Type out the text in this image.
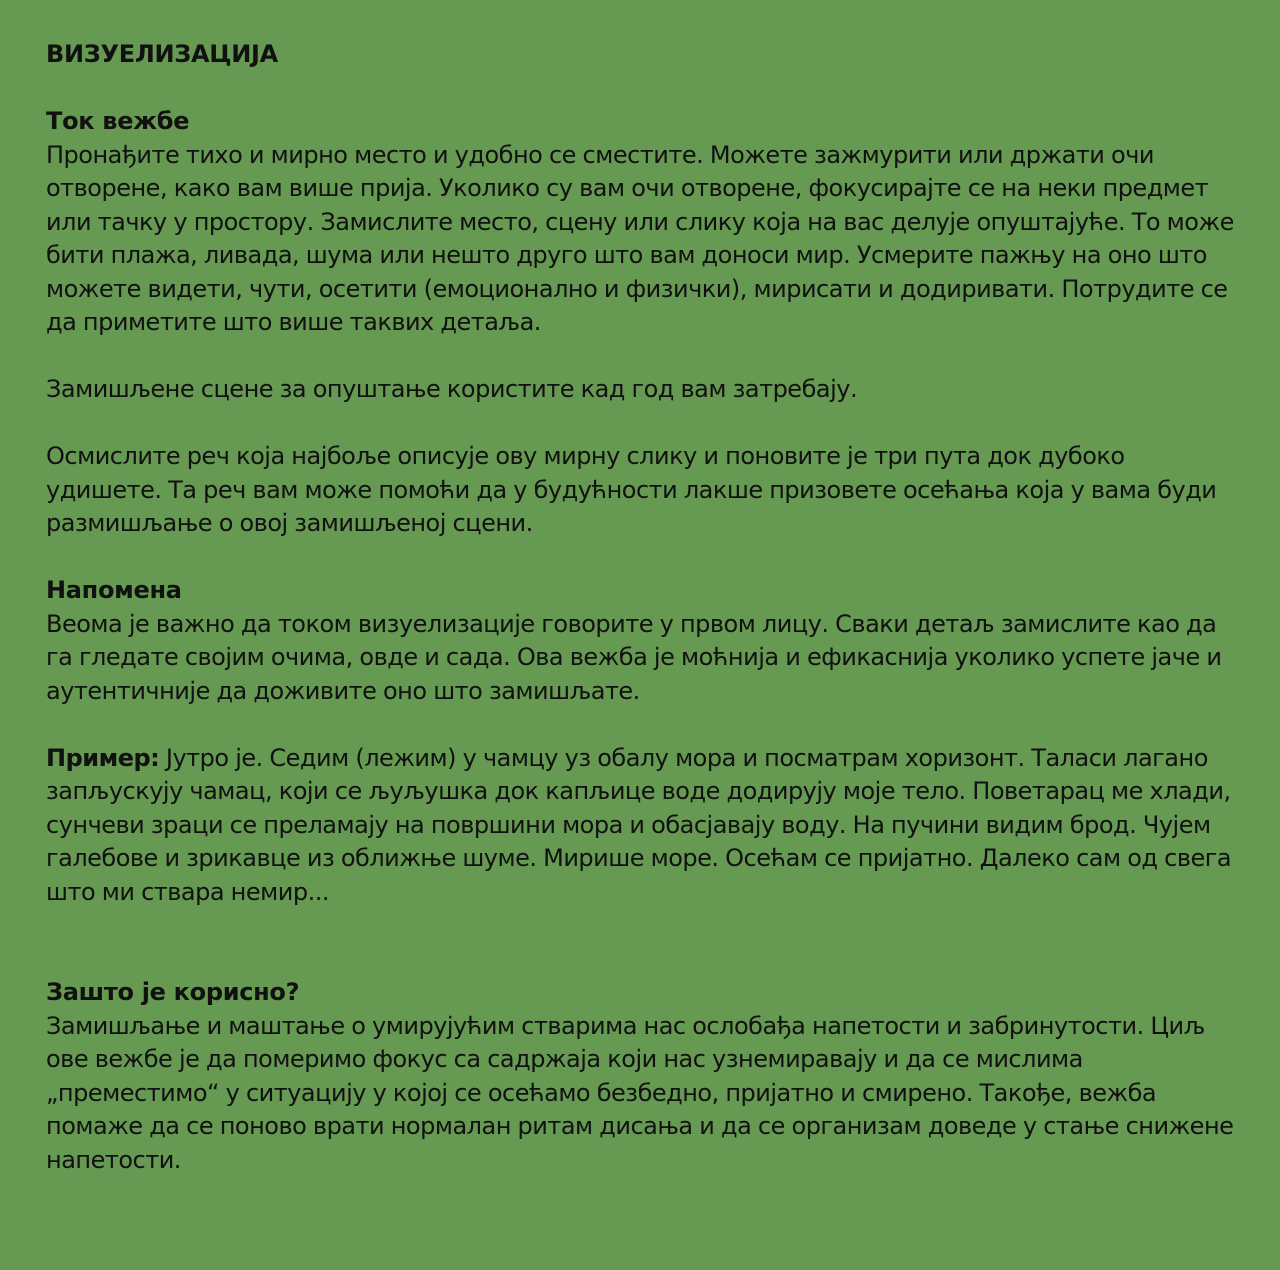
ВИЗУЕЛИЗАЦИЈА
Ток вежбе

Пронађите тихо и мирно место и удобно се сместите. Можете зажмурити или држати очи отворене, како вам више прија. Уколико су вам очи отворене, фокусирајте се на неки предмет или тачку у простору. Замислите место, сцену или слику која на вас делује опуштајуће. То може бити плажа, ливада, шума или нешто друго што вам доноси мир. Усмерите пажњу на оно што можете видети, чути, осетити (емоционално и физички), мирисати и додиривати. Потрудите се да приметите што више таквих детаља.

Замишљене сцене за опуштање користите кад год вам затребају.

Осмислите реч која најбоље описује ову мирну слику и поновите је три пута док дубоко удишете. Та реч вам може помоћи да у будућности лакше призовете осећања која у вама буди размишљање о овој замишљеној сцени.

Напомена

Веома је важно да током визуелизације говорите у првом лицу. Сваки детаљ замислите као да га гледате својим очима, овде и сада. Ова вежба је моћнија и ефикаснија уколико успете јаче и аутентичније да доживите оно што замишљате.

Пример: Јутро је. Седим (лежим) у чамцу уз обалу мора и посматрам хоризонт. Таласи лагано запљускују чамац, који се љуљушка док капљице воде додирују моје тело. Поветарац ме хлади, сунчеви зраци се преламају на површини мора и обасјавају воду. На пучини видим брод. Чујем галебове и зрикавце из оближње шуме. Мирише море. Осећам се пријатно. Далеко сам од свега што ми ствара немир...

Зашто је корисно?

Замишљање и маштање о умирујућим стварима нас ослобађа напетости и забринутости. Циљ ове вежбе је да померимо фокус са садржаја који нас узнемиравају и да се мислима „преместимо“ у ситуацију у којој се осећамо безбедно, пријатно и смирено. Такође, вежба помаже да се поново врати нормалан ритам дисања и да се организам доведе у стање снижене напетости.
